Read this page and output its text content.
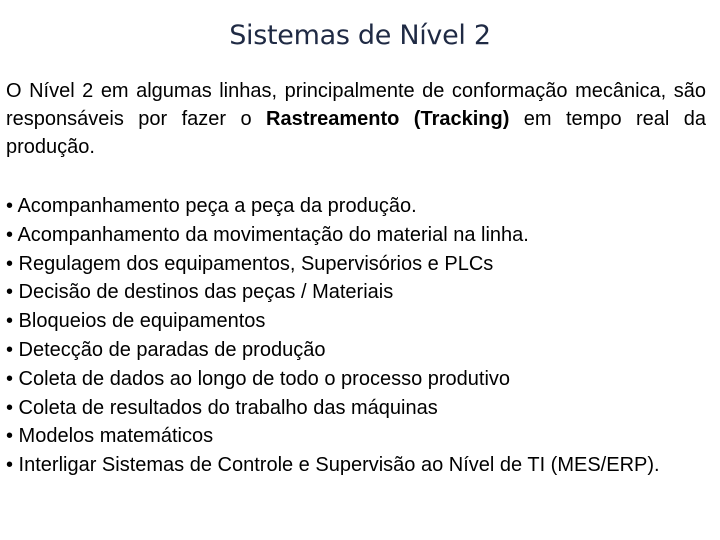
Sistemas de Nível 2
O Nível 2 em algumas linhas, principalmente de conformação mecânica, são responsáveis por fazer o Rastreamento (Tracking) em tempo real da produção.
• Acompanhamento peça a peça da produção.
• Acompanhamento da movimentação do material na linha.
• Regulagem dos equipamentos, Supervisórios e PLCs
• Decisão de destinos das peças / Materiais
• Bloqueios de equipamentos
• Detecção de paradas de produção
• Coleta de dados ao longo de todo o processo produtivo
• Coleta de resultados do trabalho das máquinas
• Modelos matemáticos
• Interligar Sistemas de Controle e Supervisão ao Nível de TI (MES/ERP).
